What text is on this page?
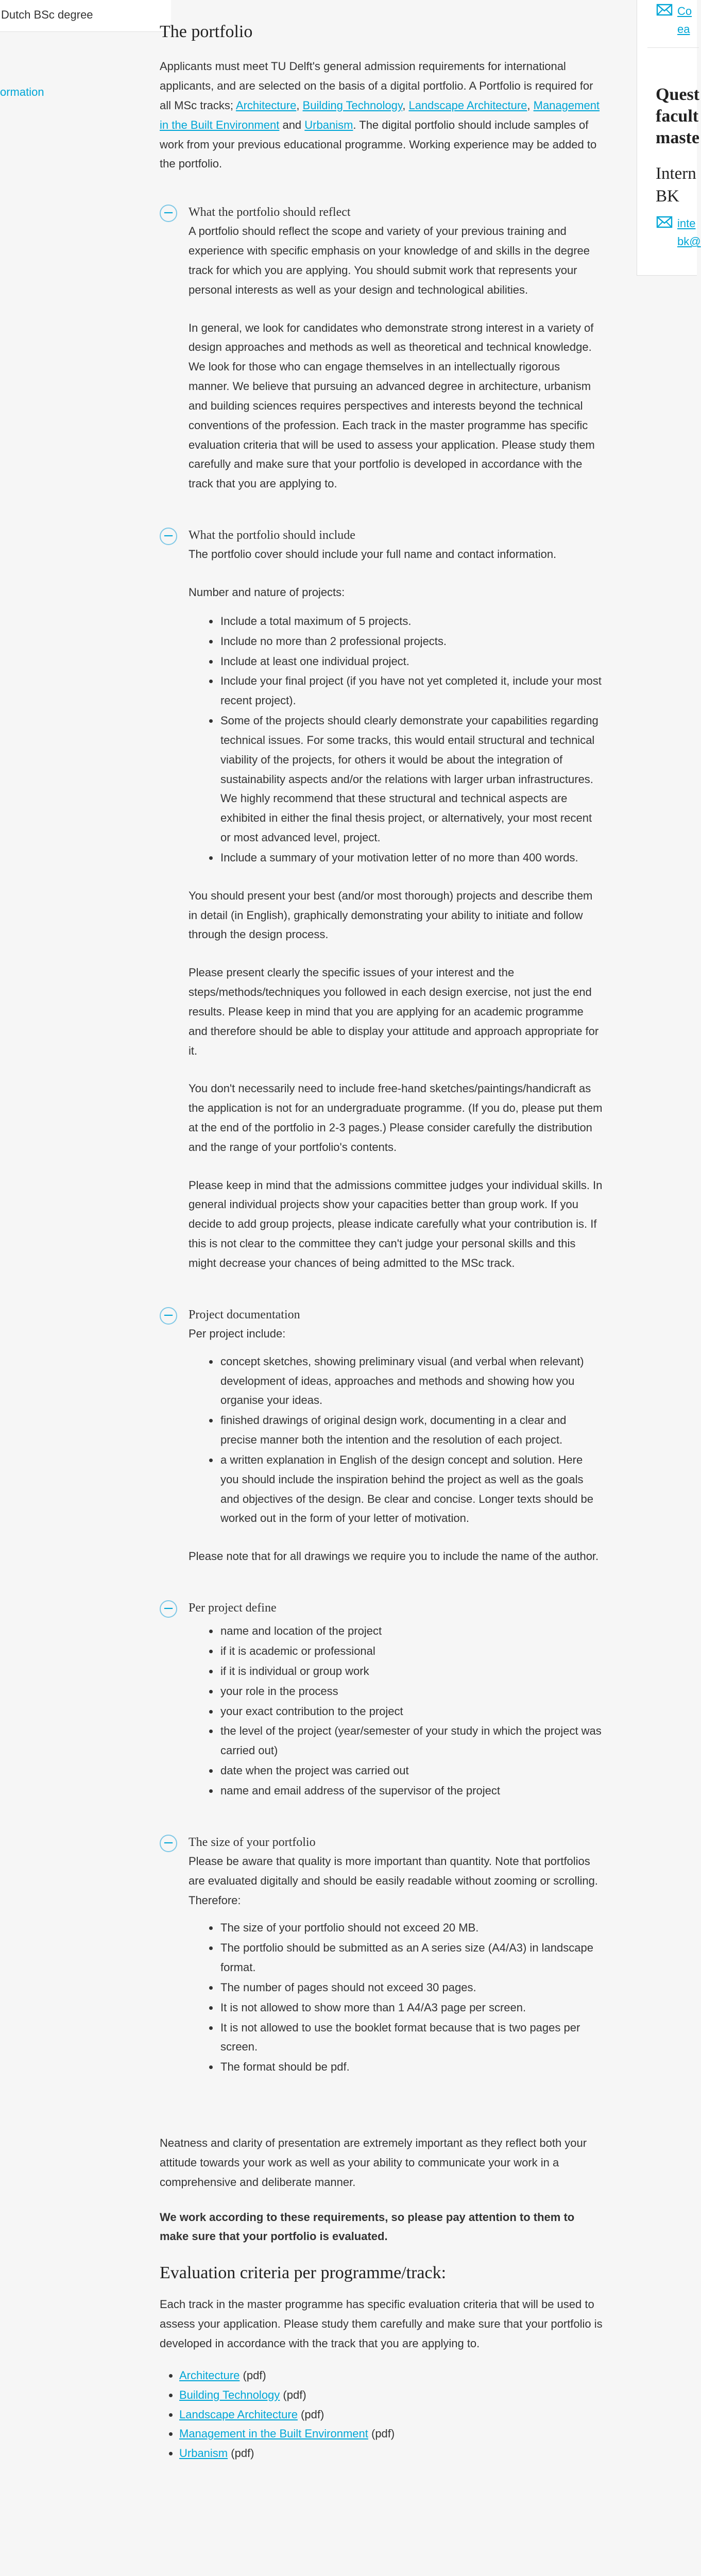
Dutch BSc degree
ormation
The portfolio

Applicants must meet TU Delft's general admission requirements for international applicants, and are selected on the basis of a digital portfolio. A Portfolio is required for all MSc tracks; Architecture, Building Technology, Landscape Architecture, Management in the Built Environment and Urbanism. The digital portfolio should include samples of work from your previous educational programme. Working experience may be added to the portfolio.

− What the portfolio should reflect

A portfolio should reflect the scope and variety of your previous training and experience with specific emphasis on your knowledge of and skills in the degree track for which you are applying. You should submit work that represents your personal interests as well as your design and technological abilities.

In general, we look for candidates who demonstrate strong interest in a variety of design approaches and methods as well as theoretical and technical knowledge. We look for those who can engage themselves in an intellectually rigorous manner. We believe that pursuing an advanced degree in architecture, urbanism and building sciences requires perspectives and interests beyond the technical conventions of the profession. Each track in the master programme has specific evaluation criteria that will be used to assess your application. Please study them carefully and make sure that your portfolio is developed in accordance with the track that you are applying to.

− What the portfolio should include

The portfolio cover should include your full name and contact information.

Number and nature of projects:

• Include a total maximum of 5 projects.
• Include no more than 2 professional projects.
• Include at least one individual project.
• Include your final project (if you have not yet completed it, include your most recent project).
• Some of the projects should clearly demonstrate your capabilities regarding technical issues. For some tracks, this would entail structural and technical viability of the projects, for others it would be about the integration of sustainability aspects and/or the relations with larger urban infrastructures. We highly recommend that these structural and technical aspects are exhibited in either the final thesis project, or alternatively, your most recent or most advanced level, project.
• Include a summary of your motivation letter of no more than 400 words.

You should present your best (and/or most thorough) projects and describe them in detail (in English), graphically demonstrating your ability to initiate and follow through the design process.

Please present clearly the specific issues of your interest and the steps/methods/techniques you followed in each design exercise, not just the end results. Please keep in mind that you are applying for an academic programme and therefore should be able to display your attitude and approach appropriate for it.

You don't necessarily need to include free-hand sketches/paintings/handicraft as the application is not for an undergraduate programme. (If you do, please put them at the end of the portfolio in 2-3 pages.) Please consider carefully the distribution and the range of your portfolio's contents.

Please keep in mind that the admissions committee judges your individual skills. In general individual projects show your capacities better than group work. If you decide to add group projects, please indicate carefully what your contribution is. If this is not clear to the committee they can't judge your personal skills and this might decrease your chances of being admitted to the MSc track.

− Project documentation

Per project include:

• concept sketches, showing preliminary visual (and verbal when relevant) development of ideas, approaches and methods and showing how you organise your ideas.
• finished drawings of original design work, documenting in a clear and precise manner both the intention and the resolution of each project.
• a written explanation in English of the design concept and solution. Here you should include the inspiration behind the project as well as the goals and objectives of the design. Be clear and concise. Longer texts should be worked out in the form of your letter of motivation.

Please note that for all drawings we require you to include the name of the author.

− Per project define
• name and location of the project
• if it is academic or professional
• if it is individual or group work
• your role in the process
• your exact contribution to the project
• the level of the project (year/semester of your study in which the project was carried out)
• date when the project was carried out
• name and email address of the supervisor of the project
− The size of your portfolio

Please be aware that quality is more important than quantity. Note that portfolios are evaluated digitally and should be easily readable without zooming or scrolling. Therefore:

• The size of your portfolio should not exceed 20 MB.
• The portfolio should be submitted as an A series size (A4/A3) in landscape format.
• The number of pages should not exceed 30 pages.
• It is not allowed to show more than 1 A4/A3 page per screen.
• It is not allowed to use the booklet format because that is two pages per screen.
• The format should be pdf.

Neatness and clarity of presentation are extremely important as they reflect both your attitude towards your work as well as your ability to communicate your work in a comprehensive and deliberate manner.

We work according to these requirements, so please pay attention to them to make sure that your portfolio is evaluated.

Evaluation criteria per programme/track:

Each track in the master programme has specific evaluation criteria that will be used to assess your application. Please study them carefully and make sure that your portfolio is developed in accordance with the track that you are applying to.

• Architecture (pdf)
• Building Technology (pdf)
• Landscape Architecture (pdf)
• Management in the Built Environment (pdf)
• Urbanism (pdf)
Co
ea
Quest
facult
maste
Intern
BK
inte
bk@
